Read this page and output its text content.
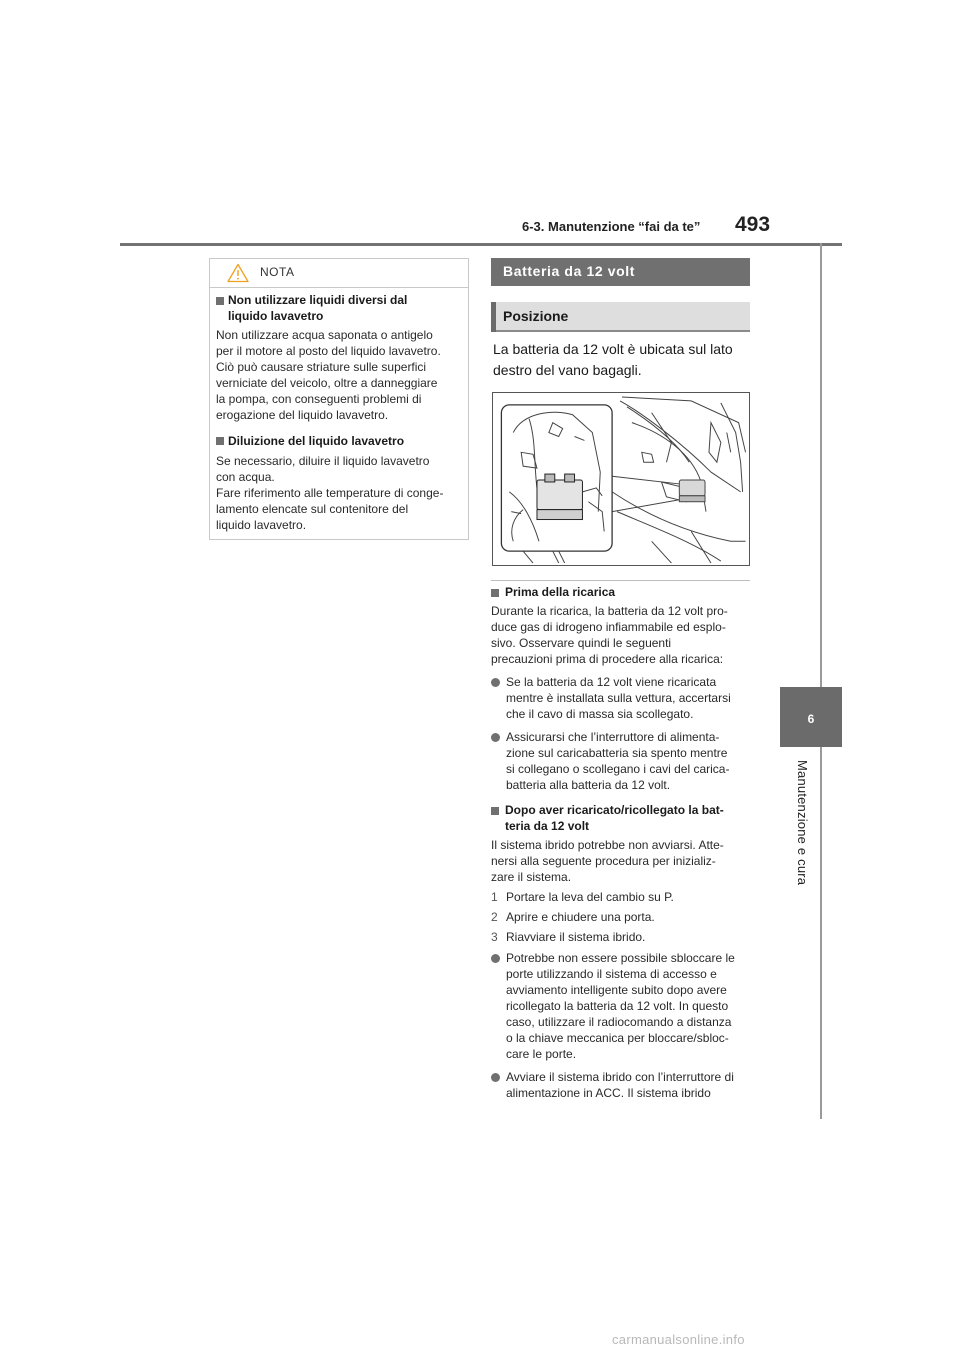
6-3. Manutenzione “fai da te” 493
6
Manutenzione e cura
NOTA
Non utilizzare liquidi diversi dal
liquido lavavetro
Non utilizzare acqua saponata o antigelo
per il motore al posto del liquido lavavetro.
Ciò può causare striature sulle superfici
verniciate del veicolo, oltre a danneggiare
la pompa, con conseguenti problemi di
erogazione del liquido lavavetro.
Diluizione del liquido lavavetro
Se necessario, diluire il liquido lavavetro
con acqua.
Fare riferimento alle temperature di conge-
lamento elencate sul contenitore del
liquido lavavetro.
Batteria da 12 volt
Posizione
La batteria da 12 volt è ubicata sul lato
destro del vano bagagli.
Prima della ricarica
Durante la ricarica, la batteria da 12 volt pro-
duce gas di idrogeno infiammabile ed esplo-
sivo. Osservare quindi le seguenti
precauzioni prima di procedere alla ricarica:
Se la batteria da 12 volt viene ricaricata
mentre è installata sulla vettura, accertarsi
che il cavo di massa sia scollegato.
Assicurarsi che l’interruttore di alimenta-
zione sul caricabatteria sia spento mentre
si collegano o scollegano i cavi del carica-
batteria alla batteria da 12 volt.
Dopo aver ricaricato/ricollegato la bat-
teria da 12 volt
Il sistema ibrido potrebbe non avviarsi. Atte-
nersi alla seguente procedura per inizializ-
zare il sistema.
1 Portare la leva del cambio su P.
2 Aprire e chiudere una porta.
3 Riavviare il sistema ibrido.
Potrebbe non essere possibile sbloccare le
porte utilizzando il sistema di accesso e
avviamento intelligente subito dopo avere
ricollegato la batteria da 12 volt. In questo
caso, utilizzare il radiocomando a distanza
o la chiave meccanica per bloccare/sbloc-
care le porte.
Avviare il sistema ibrido con l’interruttore di
alimentazione in ACC. Il sistema ibrido
carmanualsonline.info
